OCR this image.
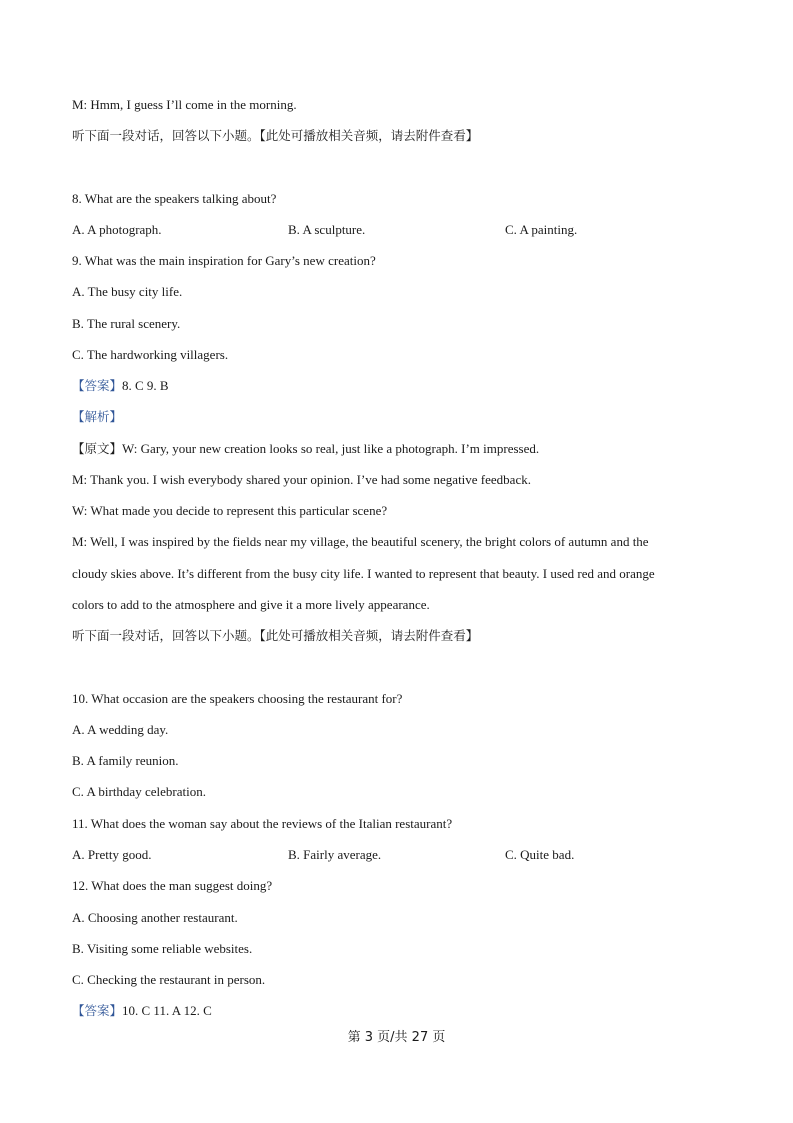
M: Hmm, I guess I’ll come in the morning.
听下面一段对话，回答以下小题。【此处可播放相关音频，请去附件查看】
8. What are the speakers talking about?
A. A photograph.	B. A sculpture.	C. A painting.
9. What was the main inspiration for Gary’s new creation?
A. The busy city life.
B. The rural scenery.
C. The hardworking villagers.
【答案】8. C 9. B
【解析】
【原文】W: Gary, your new creation looks so real, just like a photograph. I’m impressed.
M: Thank you. I wish everybody shared your opinion. I’ve had some negative feedback.
W: What made you decide to represent this particular scene?
M: Well, I was inspired by the fields near my village, the beautiful scenery, the bright colors of autumn and the
cloudy skies above. It’s different from the busy city life. I wanted to represent that beauty. I used red and orange
colors to add to the atmosphere and give it a more lively appearance.
听下面一段对话，回答以下小题。【此处可播放相关音频，请去附件查看】
10. What occasion are the speakers choosing the restaurant for?
A. A wedding day.
B. A family reunion.
C. A birthday celebration.
11. What does the woman say about the reviews of the Italian restaurant?
A. Pretty good.	B. Fairly average.	C. Quite bad.
12. What does the man suggest doing?
A. Choosing another restaurant.
B. Visiting some reliable websites.
C. Checking the restaurant in person.
【答案】10. C 11. A 12. C
第 3 页/共 27 页
